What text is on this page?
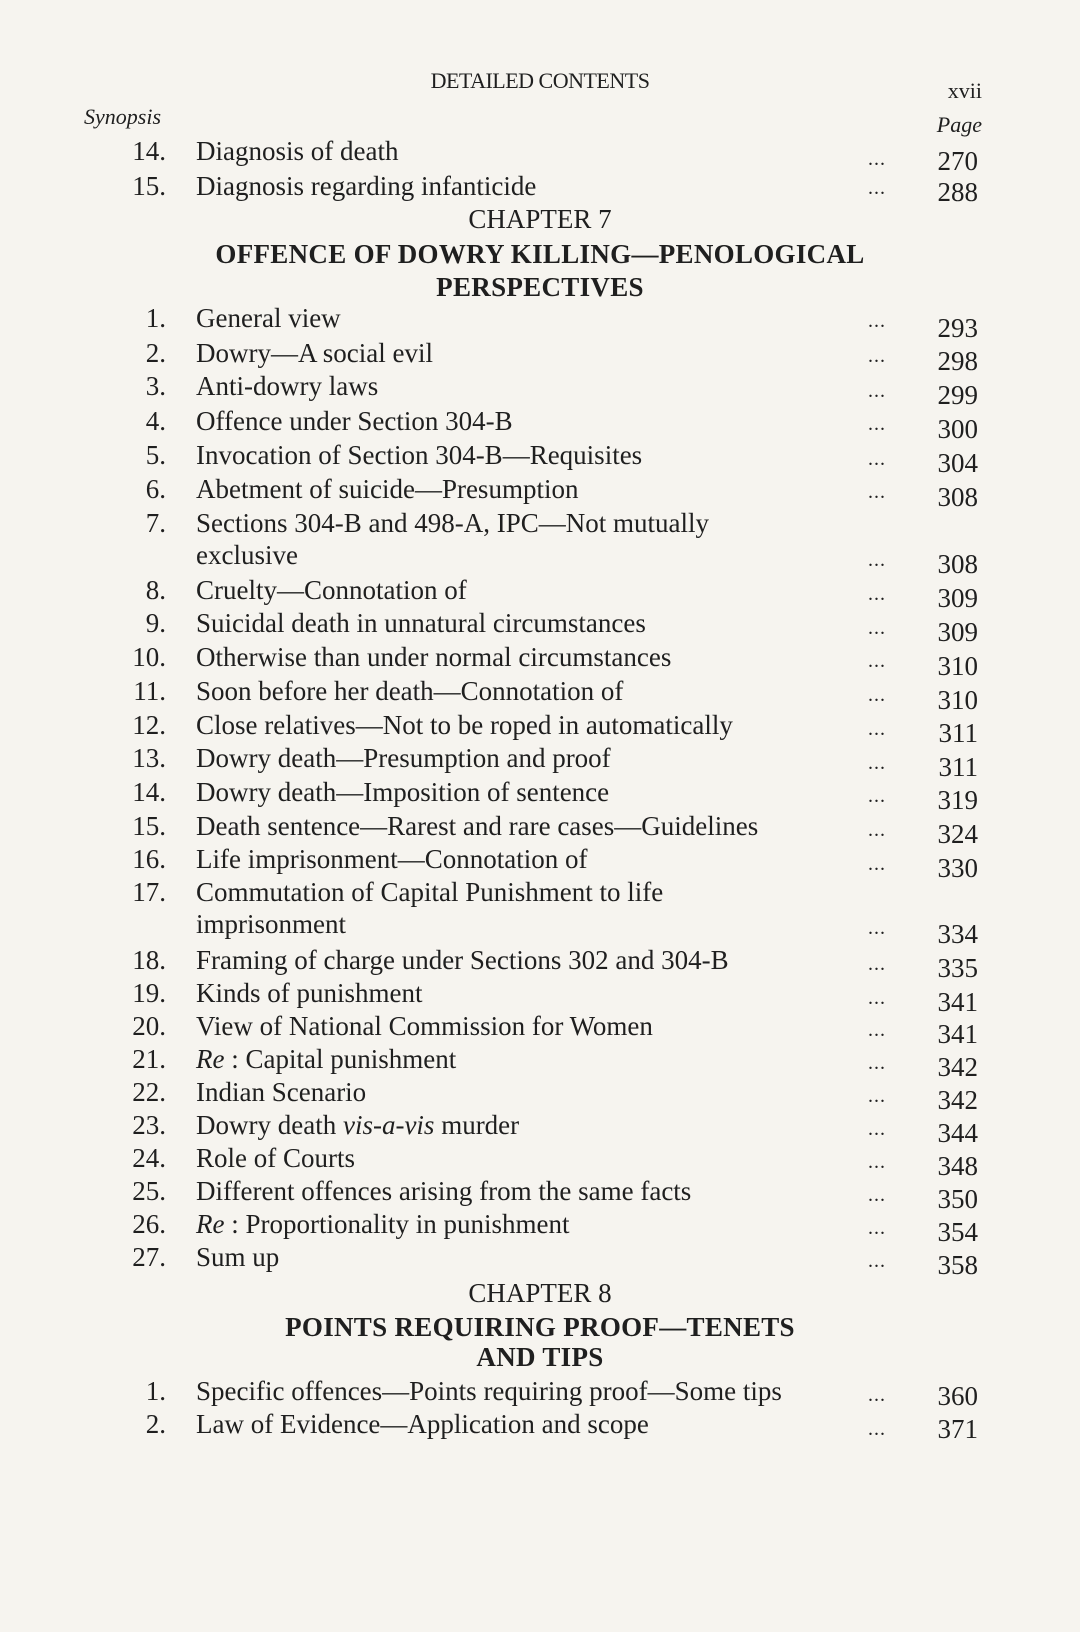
DETAILED CONTENTS	xvii
Synopsis	Page
14. Diagnosis of death	... 270
15. Diagnosis regarding infanticide	... 288
CHAPTER 7
OFFENCE OF DOWRY KILLING—PENOLOGICAL
PERSPECTIVES
1. General view	... 293
2. Dowry—A social evil	... 298
3. Anti-dowry laws	... 299
4. Offence under Section 304-B	... 300
5. Invocation of Section 304-B—Requisites	... 304
6. Abetment of suicide—Presumption	... 308
7. Sections 304-B and 498-A, IPC—Not mutually
exclusive	... 308
8. Cruelty—Connotation of	... 309
9. Suicidal death in unnatural circumstances	... 309
10. Otherwise than under normal circumstances	... 310
11. Soon before her death—Connotation of	... 310
12. Close relatives—Not to be roped in automatically	... 311
13. Dowry death—Presumption and proof	... 311
14. Dowry death—Imposition of sentence	... 319
15. Death sentence—Rarest and rare cases—Guidelines	... 324
16. Life imprisonment—Connotation of	... 330
17. Commutation of Capital Punishment to life
imprisonment	... 334
18. Framing of charge under Sections 302 and 304-B	... 335
19. Kinds of punishment	... 341
20. View of National Commission for Women	... 341
21. Re : Capital punishment	... 342
22. Indian Scenario	... 342
23. Dowry death vis-a-vis murder	... 344
24. Role of Courts	... 348
25. Different offences arising from the same facts	... 350
26. Re : Proportionality in punishment	... 354
27. Sum up	... 358
CHAPTER 8
POINTS REQUIRING PROOF—TENETS
AND TIPS
1. Specific offences—Points requiring proof—Some tips	... 360
2. Law of Evidence—Application and scope	... 371
